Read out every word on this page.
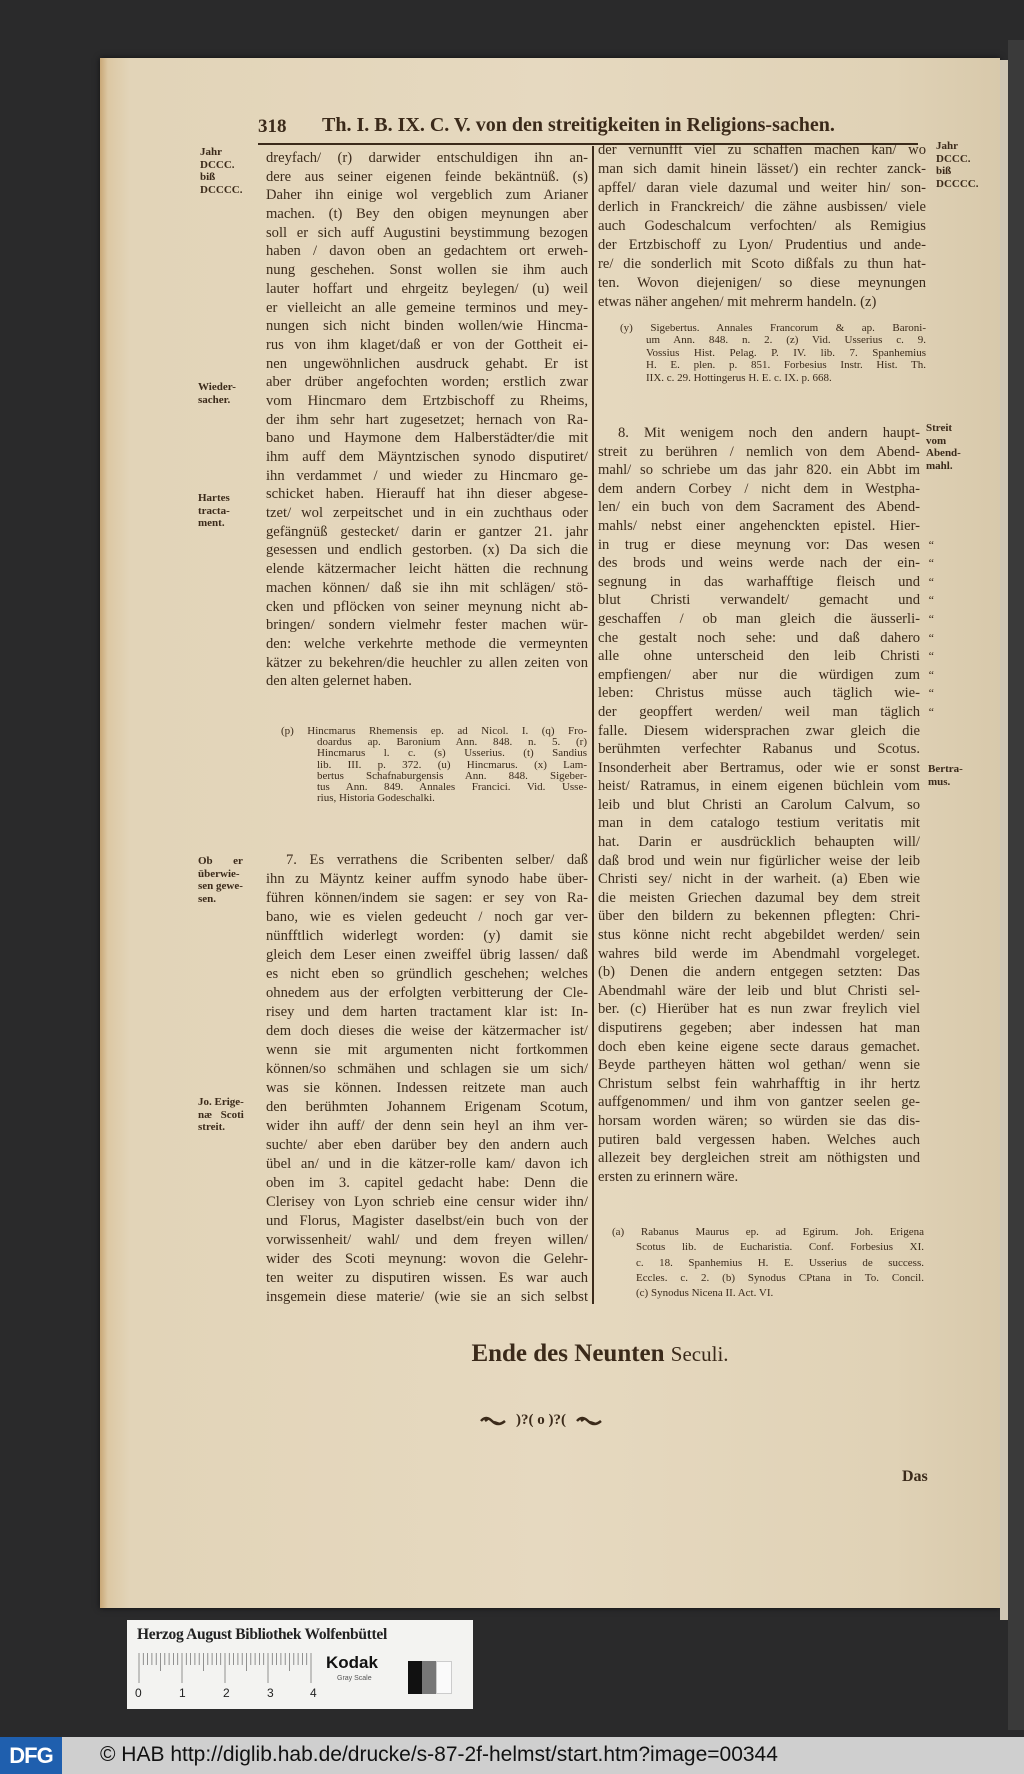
318 Th. I. B. IX. C. V. von den streitigkeiten in Religions-sachen.
Jahr
DCCC.
biß
DCCCC.
Wieder-
sacher.
Hartes
tracta-
ment.
Ob er
überwie-
sen gewe-
sen.
Jo. Erige-
næ Scoti
streit.
Jahr
DCCC.
biß
DCCCC.
Streit
vom
Abend-
mahl.
Bertra-
mus.
dreyfach/ (r) darwider entschuldigen ihn an-
dere aus seiner eigenen feinde bekäntnüß. (s)
Daher ihn einige wol vergeblich zum Arianer
machen. (t) Bey den obigen meynungen aber
soll er sich auff Augustini beystimmung bezogen
haben / davon oben an gedachtem ort erweh-
nung geschehen. Sonst wollen sie ihm auch
lauter hoffart und ehrgeitz beylegen/ (u) weil
er vielleicht an alle gemeine terminos und mey-
nungen sich nicht binden wollen/wie Hincma-
rus von ihm klaget/daß er von der Gottheit ei-
nen ungewöhnlichen ausdruck gehabt. Er ist
aber drüber angefochten worden; erstlich zwar
vom Hincmaro dem Ertzbischoff zu Rheims,
der ihm sehr hart zugesetzet; hernach von Ra-
bano und Haymone dem Halberstädter/die mit
ihm auff dem Mäyntzischen synodo disputiret/
ihn verdammet / und wieder zu Hincmaro ge-
schicket haben. Hierauff hat ihn dieser abgese-
tzet/ wol zerpeitschet und in ein zuchthaus oder
gefängnüß gestecket/ darin er gantzer 21. jahr
gesessen und endlich gestorben. (x) Da sich die
elende kätzermacher leicht hätten die rechnung
machen können/ daß sie ihn mit schlägen/ stö-
cken und pflöcken von seiner meynung nicht ab-
bringen/ sondern vielmehr fester machen wür-
den: welche verkehrte methode die vermeynten
kätzer zu bekehren/die heuchler zu allen zeiten von
den alten gelernet haben.
(p) Hincmarus Rhemensis ep. ad Nicol. I. (q) Fro-
doardus ap. Baronium Ann. 848. n. 5. (r)
Hincmarus l. c. (s) Usserius. (t) Sandius
lib. III. p. 372. (u) Hincmarus. (x) Lam-
bertus Schafnaburgensis Ann. 848. Sigeber-
tus Ann. 849. Annales Francici. Vid. Usse-
rius, Historia Godeschalki.
7. Es verrathens die Scribenten selber/ daß
ihn zu Mäyntz keiner auffm synodo habe über-
führen können/indem sie sagen: er sey von Ra-
bano, wie es vielen gedeucht / noch gar ver-
nünfftlich widerlegt worden: (y) damit sie
gleich dem Leser einen zweiffel übrig lassen/ daß
es nicht eben so gründlich geschehen; welches
ohnedem aus der erfolgten verbitterung der Cle-
risey und dem harten tractament klar ist: In-
dem doch dieses die weise der kätzermacher ist/
wenn sie mit argumenten nicht fortkommen
können/so schmähen und schlagen sie um sich/
was sie können. Indessen reitzete man auch
den berühmten Johannem Erigenam Scotum,
wider ihn auff/ der denn sein heyl an ihm ver-
suchte/ aber eben darüber bey den andern auch
übel an/ und in die kätzer-rolle kam/ davon ich
oben im 3. capitel gedacht habe: Denn die
Clerisey von Lyon schrieb eine censur wider ihn/
und Florus, Magister daselbst/ein buch von der
vorwissenheit/ wahl/ und dem freyen willen/
wider des Scoti meynung: wovon die Gelehr-
ten weiter zu disputiren wissen. Es war auch
insgemein diese materie/ (wie sie an sich selbst
der vernunfft viel zu schaffen machen kan/ wo
man sich damit hinein lässet/) ein rechter zanck-
apffel/ daran viele dazumal und weiter hin/ son-
derlich in Franckreich/ die zähne ausbissen/ viele
auch Godeschalcum verfochten/ als Remigius
der Ertzbischoff zu Lyon/ Prudentius und ande-
re/ die sonderlich mit Scoto dißfals zu thun hat-
ten. Wovon diejenigen/ so diese meynungen
etwas näher angehen/ mit mehrerm handeln. (z)
(y) Sigebertus. Annales Francorum & ap. Baroni-
um Ann. 848. n. 2. (z) Vid. Usserius c. 9.
Vossius Hist. Pelag. P. IV. lib. 7. Spanhemius
H. E. plen. p. 851. Forbesius Instr. Hist. Th.
IIX. c. 29. Hottingerus H. E. c. IX. p. 668.
8. Mit wenigem noch den andern haupt-
streit zu berühren / nemlich von dem Abend-
mahl/ so schriebe um das jahr 820. ein Abbt im
dem andern Corbey / nicht dem in Westpha-
len/ ein buch von dem Sacrament des Abend-
mahls/ nebst einer angehenckten epistel. Hier-
in trug er diese meynung vor: Das wesen “
des brods und weins werde nach der ein- “
segnung in das warhafftige fleisch und “
blut Christi verwandelt/ gemacht und “
geschaffen / ob man gleich die äusserli- “
che gestalt noch sehe: und daß dahero “
alle ohne unterscheid den leib Christi “
empfiengen/ aber nur die würdigen zum “
leben: Christus müsse auch täglich wie- “
der geopffert werden/ weil man täglich “
falle. Diesem widersprachen zwar gleich die
berühmten verfechter Rabanus und Scotus.
Insonderheit aber Bertramus, oder wie er sonst
heist/ Ratramus, in einem eigenen büchlein vom
leib und blut Christi an Carolum Calvum, so
man in dem catalogo testium veritatis mit
hat. Darin er ausdrücklich behaupten will/
daß brod und wein nur figürlicher weise der leib
Christi sey/ nicht in der warheit. (a) Eben wie
die meisten Griechen dazumal bey dem streit
über den bildern zu bekennen pflegten: Chri-
stus könne nicht recht abgebildet werden/ sein
wahres bild werde im Abendmahl vorgeleget.
(b) Denen die andern entgegen setzten: Das
Abendmahl wäre der leib und blut Christi sel-
ber. (c) Hierüber hat es nun zwar freylich viel
disputirens gegeben; aber indessen hat man
doch eben keine eigene secte daraus gemachet.
Beyde partheyen hätten wol gethan/ wenn sie
Christum selbst fein wahrhafftig in ihr hertz
auffgenommen/ und ihm von gantzer seelen ge-
horsam worden wären; so würden sie das dis-
putiren bald vergessen haben. Welches auch
allezeit bey dergleichen streit am nöthigsten und
ersten zu erinnern wäre.
(a) Rabanus Maurus ep. ad Egirum. Joh. Erigena
Scotus lib. de Eucharistia. Conf. Forbesius XI.
c. 18. Spanhemius H. E. Usserius de success.
Eccles. c. 2. (b) Synodus CPtana in To. Concil.
(c) Synodus Nicena II. Act. VI.
Ende des Neunten Seculi.
)?( o )?(
Das
Herzog August Bibliothek Wolfenbüttel
0	1	2	3	4
Kodak
Gray Scale
DFG	© HAB http://diglib.hab.de/drucke/s-87-2f-helmst/start.htm?image=00344
